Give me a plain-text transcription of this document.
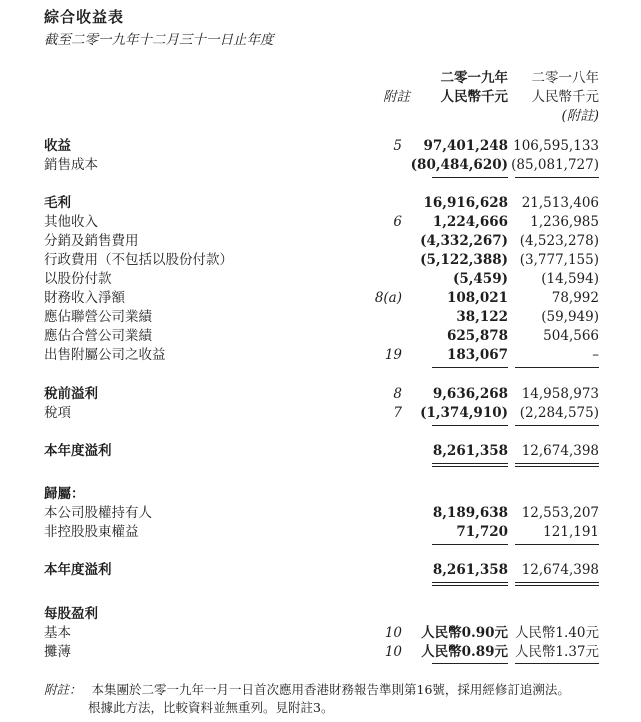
綜合收益表
截至二零一九年十二月三十一日止年度
附註
二零一九年
人民幣千元
二零一八年
人民幣千元
(附註)
收益	5 97,401,248 106,595,133
銷售成本	(80,484,620) (85,081,727)
毛利	16,916,628 21,513,406
其他收入	6 1,224,666 1,236,985
分銷及銷售費用	(4,332,267) (4,523,278)
行政費用（不包括以股份付款）	(5,122,388) (3,777,155)
以股份付款	(5,459) (14,594)
財務收入淨額	8(a)	108,021	78,992
應佔聯營公司業績	38,122 (59,949)
應佔合營公司業績	625,878	504,566
出售附屬公司之收益	19	183,067	–
稅前溢利	8 9,636,268 14,958,973
稅項	7 (1,374,910) (2,284,575)
本年度溢利	8,261,358 12,674,398
歸屬：
本公司股權持有人	8,189,638 12,553,207
非控股股東權益	71,720	121,191
本年度溢利	8,261,358 12,674,398
每股盈利
基本	10 人民幣0.90元 人民幣1.40元
攤薄	10 人民幣0.89元 人民幣1.37元
附註： 本集團於二零一九年一月一日首次應用香港財務報告準則第16號，採用經修訂追溯法。
根據此方法，比較資料並無重列。見附註3。
